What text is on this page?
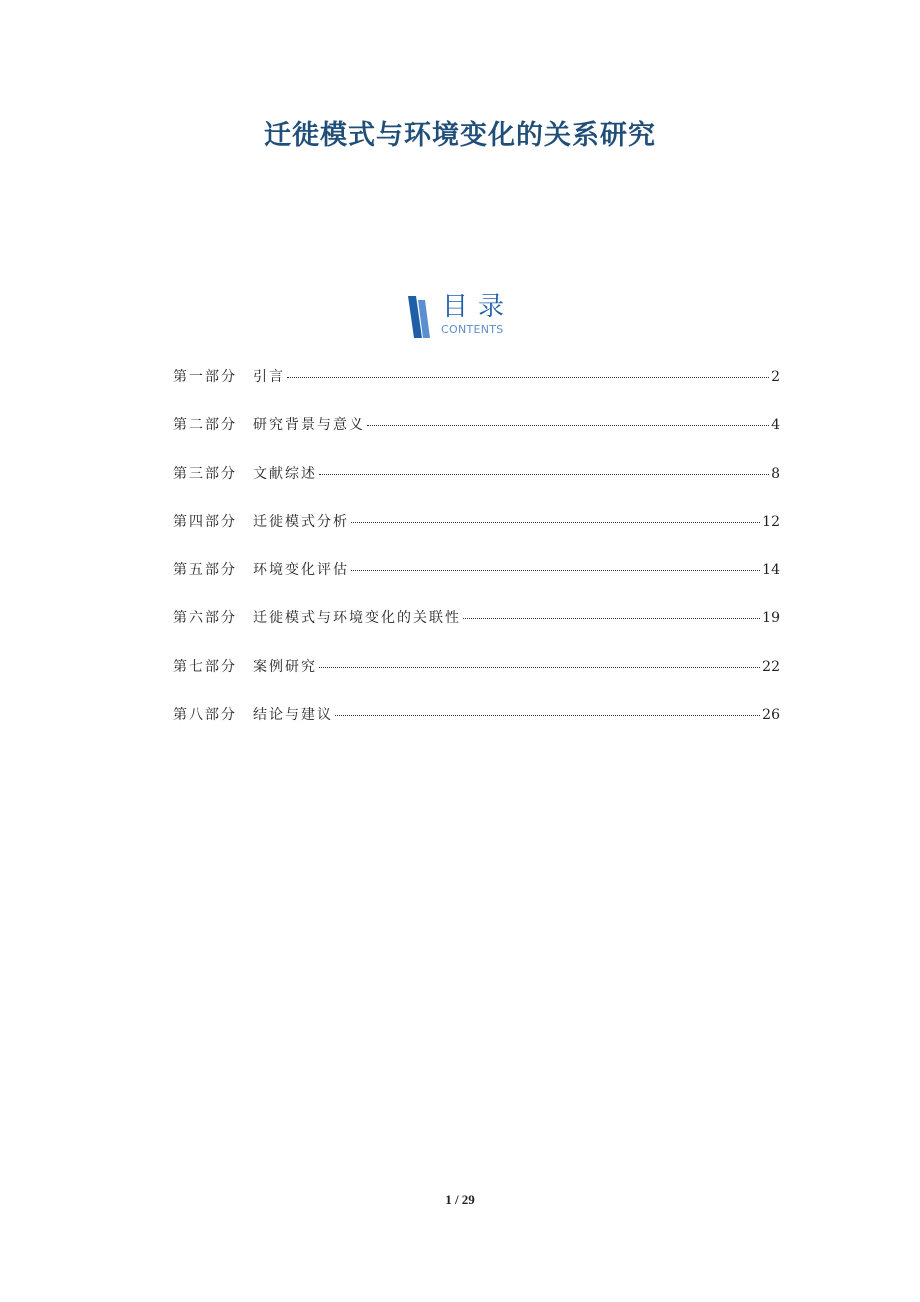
迁徙模式与环境变化的关系研究
目录
CONTENTS
第一部分	引言	2
第二部分	研究背景与意义	4
第三部分	文献综述	8
第四部分	迁徙模式分析	12
第五部分	环境变化评估	14
第六部分	迁徙模式与环境变化的关联性	19
第七部分	案例研究	22
第八部分	结论与建议	26
1 / 29
